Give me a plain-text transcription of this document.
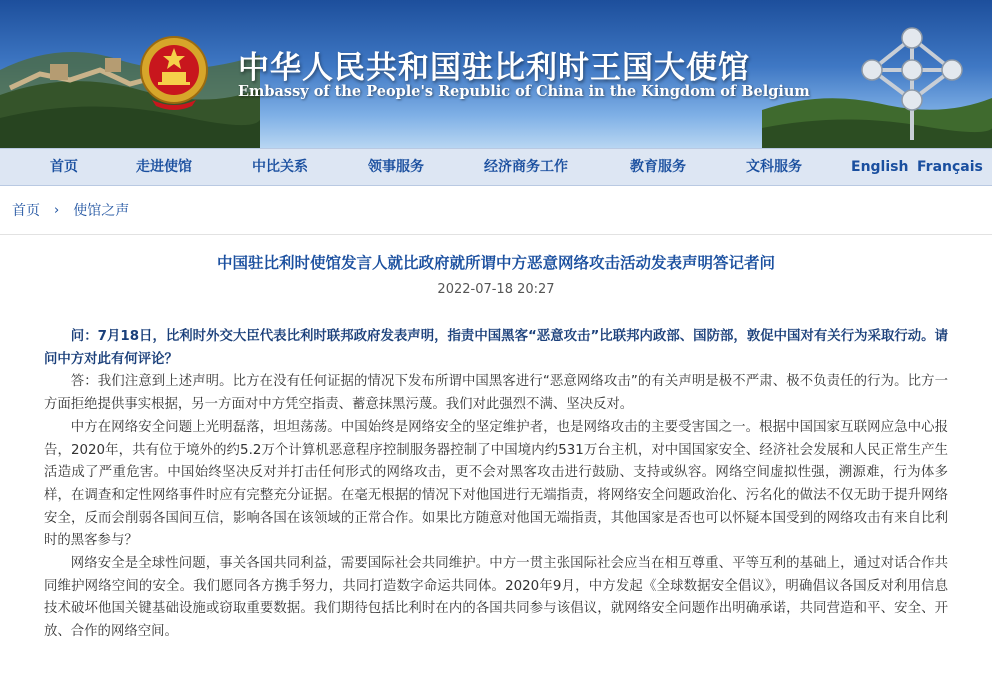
中华人民共和国驻比利时王国大使馆

Embassy of the People's Republic of China in the Kingdom of Belgium

首页	走进使馆	中比关系	领事服务	经济商务工作	教育服务	文科服务	English Français
首页 › 使馆之声
中国驻比利时使馆发言人就比政府就所谓中方恶意网络攻击活动发表声明答记者问
2022-07-18 20:27

问：7月18日，比利时外交大臣代表比利时联邦政府发表声明，指责中国黑客“恶意攻击”比联邦内政部、国防部，敦促中国对有关行为采取行动。请问中方对此有何评论？

答：我们注意到上述声明。比方在没有任何证据的情况下发布所谓中国黑客进行“恶意网络攻击”的有关声明是极不严肃、极不负责任的行为。比方一方面拒绝提供事实根据，另一方面对中方凭空指责、蓄意抹黑污蔑。我们对此强烈不满、坚决反对。

中方在网络安全问题上光明磊落，坦坦荡荡。中国始终是网络安全的坚定维护者，也是网络攻击的主要受害国之一。根据中国国家互联网应急中心报告，2020年，共有位于境外的约5.2万个计算机恶意程序控制服务器控制了中国境内约531万台主机，对中国国家安全、经济社会发展和人民正常生产生活造成了严重危害。中国始终坚决反对并打击任何形式的网络攻击，更不会对黑客攻击进行鼓励、支持或纵容。网络空间虚拟性强，溯源难，行为体多样，在调查和定性网络事件时应有完整充分证据。在毫无根据的情况下对他国进行无端指责，将网络安全问题政治化、污名化的做法不仅无助于提升网络安全，反而会削弱各国间互信，影响各国在该领域的正常合作。如果比方随意对他国无端指责，其他国家是否也可以怀疑本国受到的网络攻击有来自比利时的黑客参与？

网络安全是全球性问题，事关各国共同利益，需要国际社会共同维护。中方一贯主张国际社会应当在相互尊重、平等互利的基础上，通过对话合作共同维护网络空间的安全。我们愿同各方携手努力，共同打造数字命运共同体。2020年9月，中方发起《全球数据安全倡议》，明确倡议各国反对利用信息技术破坏他国关键基础设施或窃取重要数据。我们期待包括比利时在内的各国共同参与该倡议，就网络安全问题作出明确承诺，共同营造和平、安全、开放、合作的网络空间。
